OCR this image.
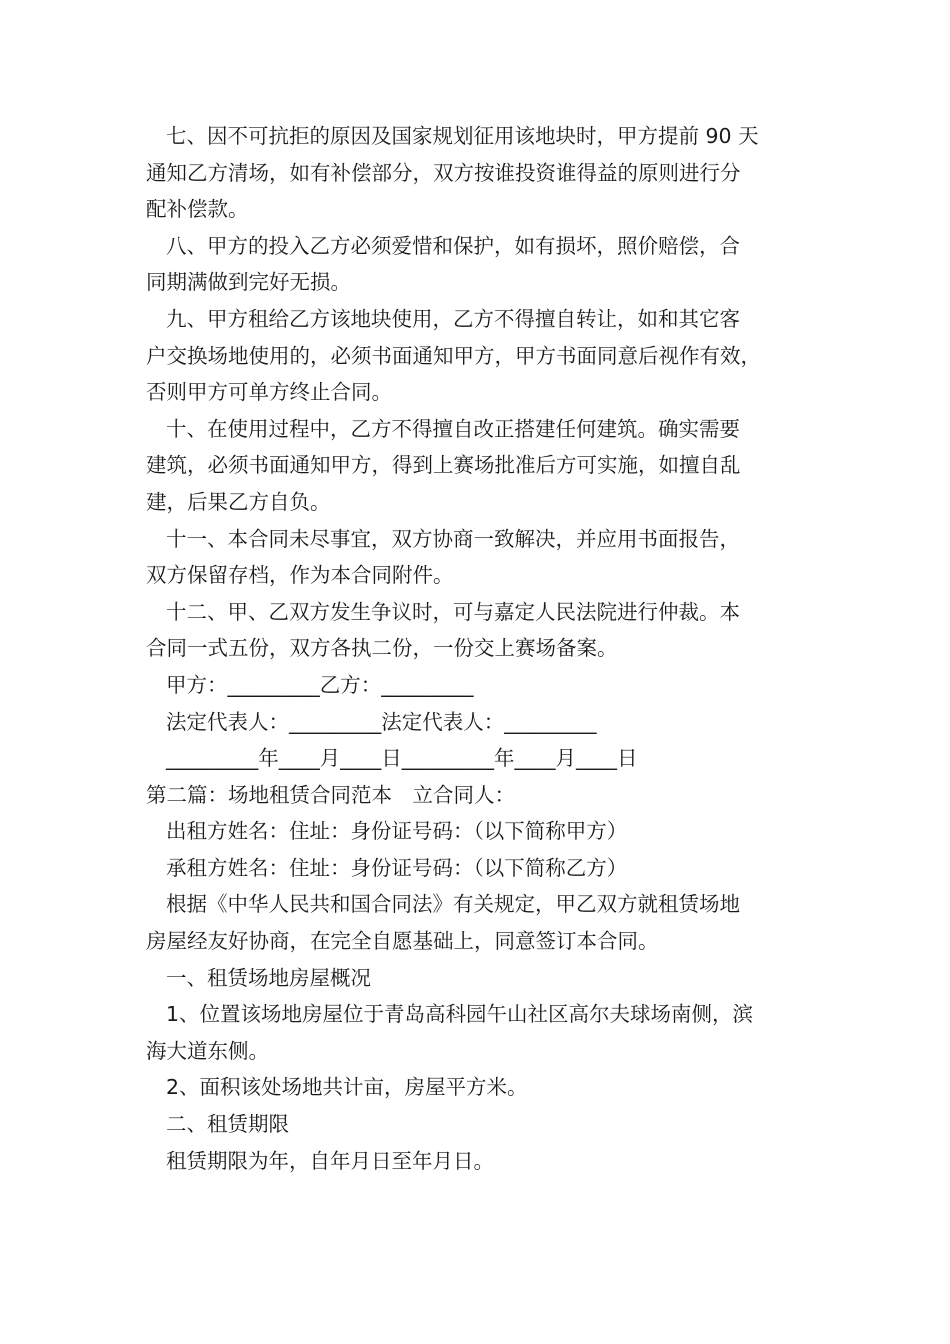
七、因不可抗拒的原因及国家规划征用该地块时，甲方提前 90 天
通知乙方清场，如有补偿部分，双方按谁投资谁得益的原则进行分
配补偿款。
八、甲方的投入乙方必须爱惜和保护，如有损坏，照价赔偿，合
同期满做到完好无损。
九、甲方租给乙方该地块使用，乙方不得擅自转让，如和其它客
户交换场地使用的，必须书面通知甲方，甲方书面同意后视作有效，
否则甲方可单方终止合同。
十、在使用过程中，乙方不得擅自改正搭建任何建筑。确实需要
建筑，必须书面通知甲方，得到上赛场批准后方可实施，如擅自乱
建，后果乙方自负。
十一、本合同未尽事宜，双方协商一致解决，并应用书面报告，
双方保留存档，作为本合同附件。
十二、甲、乙双方发生争议时，可与嘉定人民法院进行仲裁。本
合同一式五份，双方各执二份，一份交上赛场备案。
甲方：_________乙方：_________
法定代表人：_________法定代表人：_________
_________年____月____日_________年____月____日
第二篇：场地租赁合同范本　立合同人：
出租方姓名：住址：身份证号码：（以下简称甲方）
承租方姓名：住址：身份证号码：（以下简称乙方）
根据《中华人民共和国合同法》有关规定，甲乙双方就租赁场地
房屋经友好协商，在完全自愿基础上，同意签订本合同。
一、租赁场地房屋概况
1、位置该场地房屋位于青岛高科园午山社区高尔夫球场南侧，滨
海大道东侧。
2、面积该处场地共计亩，房屋平方米。
二、租赁期限
租赁期限为年，自年月日至年月日。
